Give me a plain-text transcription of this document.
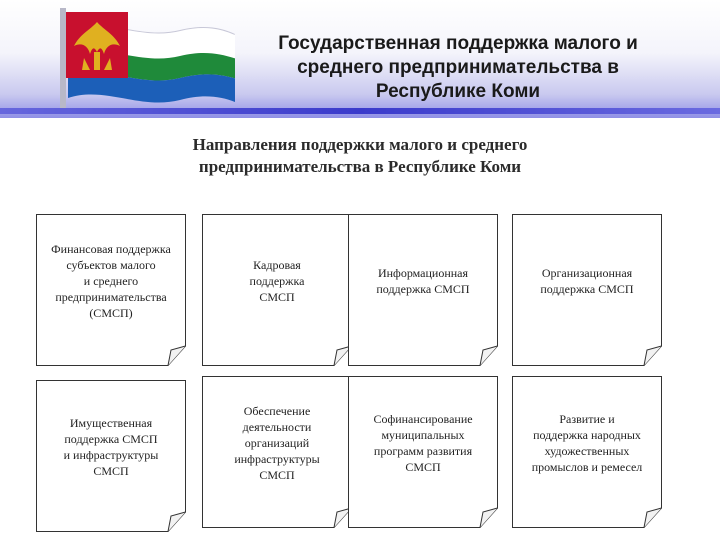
Государственная поддержка малого и
среднего предпринимательства в
Республике Коми
Направления поддержки малого и среднего
предпринимательства в Республике Коми
Финансовая поддержка
субъектов малого
и среднего
предпринимательства
(СМСП)
Кадровая
поддержка
СМСП
Информационная
поддержка СМСП
Организационная
поддержка СМСП
Имущественная
поддержка СМСП
и инфраструктуры
СМСП
Обеспечение
деятельности
организаций
инфраструктуры
СМСП
Софинансирование
муниципальных
программ развития
СМСП
Развитие и
поддержка народных
художественных
промыслов и ремесел
